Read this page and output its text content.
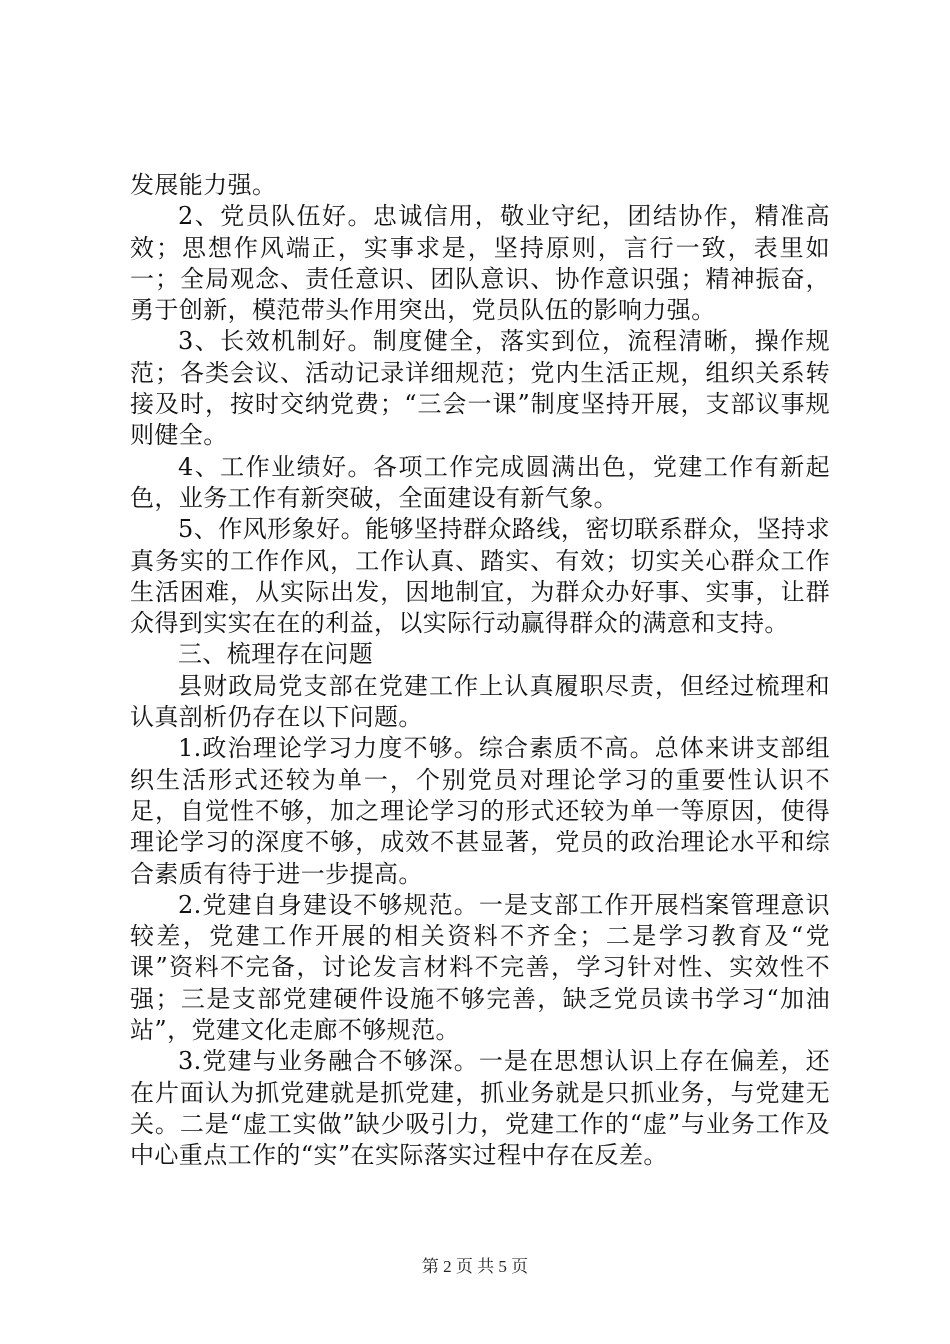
发展能力强。

2、党员队伍好。忠诚信用，敬业守纪，团结协作，精准高效；思想作风端正，实事求是，坚持原则，言行一致，表里如一；全局观念、责任意识、团队意识、协作意识强；精神振奋，勇于创新，模范带头作用突出，党员队伍的影响力强。

3、长效机制好。制度健全，落实到位，流程清晰，操作规范；各类会议、活动记录详细规范；党内生活正规，组织关系转接及时，按时交纳党费；“三会一课”制度坚持开展，支部议事规则健全。

4、工作业绩好。各项工作完成圆满出色，党建工作有新起色，业务工作有新突破，全面建设有新气象。

5、作风形象好。能够坚持群众路线，密切联系群众，坚持求真务实的工作作风，工作认真、踏实、有效；切实关心群众工作生活困难，从实际出发，因地制宜，为群众办好事、实事，让群众得到实实在在的利益，以实际行动赢得群众的满意和支持。

三、梳理存在问题

县财政局党支部在党建工作上认真履职尽责，但经过梳理和认真剖析仍存在以下问题。

1.政治理论学习力度不够。综合素质不高。总体来讲支部组织生活形式还较为单一，个别党员对理论学习的重要性认识不足，自觉性不够，加之理论学习的形式还较为单一等原因，使得理论学习的深度不够，成效不甚显著，党员的政治理论水平和综合素质有待于进一步提高。

2.党建自身建设不够规范。一是支部工作开展档案管理意识较差，党建工作开展的相关资料不齐全；二是学习教育及“党课”资料不完备，讨论发言材料不完善，学习针对性、实效性不强；三是支部党建硬件设施不够完善，缺乏党员读书学习“加油站”，党建文化走廊不够规范。

3.党建与业务融合不够深。一是在思想认识上存在偏差，还在片面认为抓党建就是抓党建，抓业务就是只抓业务，与党建无关。二是“虚工实做”缺少吸引力，党建工作的“虚”与业务工作及中心重点工作的“实”在实际落实过程中存在反差。

第 2 页 共 5 页
